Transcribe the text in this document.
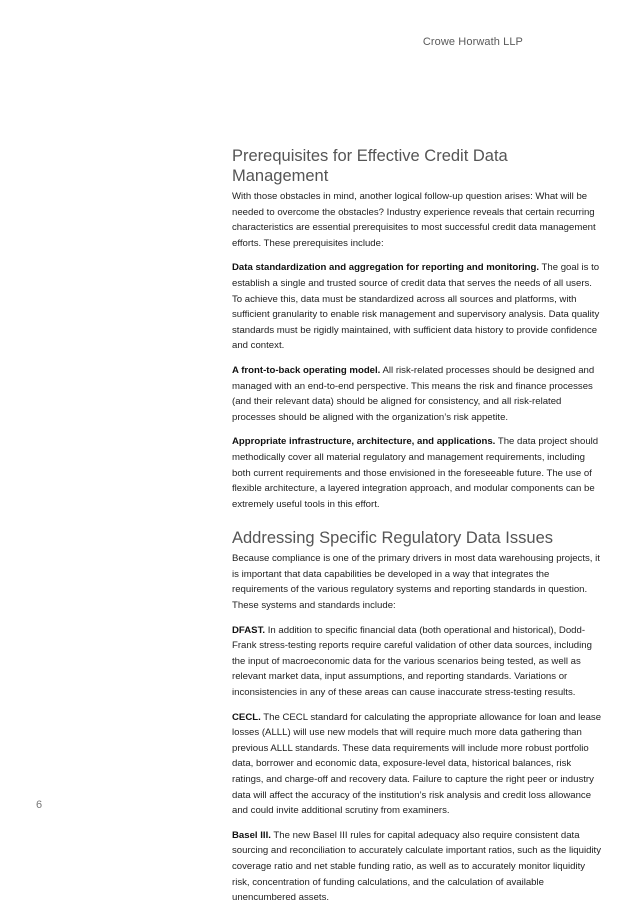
Crowe Horwath LLP
Prerequisites for Effective Credit Data Management

With those obstacles in mind, another logical follow-up question arises: What will be needed to overcome the obstacles? Industry experience reveals that certain recurring characteristics are essential prerequisites to most successful credit data management efforts. These prerequisites include:

Data standardization and aggregation for reporting and monitoring. The goal is to establish a single and trusted source of credit data that serves the needs of all users. To achieve this, data must be standardized across all sources and platforms, with sufficient granularity to enable risk management and supervisory analysis. Data quality standards must be rigidly maintained, with sufficient data history to provide confidence and context.

A front-to-back operating model. All risk-related processes should be designed and managed with an end-to-end perspective. This means the risk and finance processes (and their relevant data) should be aligned for consistency, and all risk-related processes should be aligned with the organization’s risk appetite.

Appropriate infrastructure, architecture, and applications. The data project should methodically cover all material regulatory and management requirements, including both current requirements and those envisioned in the foreseeable future. The use of flexible architecture, a layered integration approach, and modular components can be extremely useful tools in this effort.

Addressing Specific Regulatory Data Issues

Because compliance is one of the primary drivers in most data warehousing projects, it is important that data capabilities be developed in a way that integrates the requirements of the various regulatory systems and reporting standards in question. These systems and standards include:

DFAST. In addition to specific financial data (both operational and historical), Dodd-Frank stress-testing reports require careful validation of other data sources, including the input of macroeconomic data for the various scenarios being tested, as well as relevant market data, input assumptions, and reporting standards. Variations or inconsistencies in any of these areas can cause inaccurate stress-testing results.

CECL. The CECL standard for calculating the appropriate allowance for loan and lease losses (ALLL) will use new models that will require much more data gathering than previous ALLL standards. These data requirements will include more robust portfolio data, borrower and economic data, exposure-level data, historical balances, risk ratings, and charge-off and recovery data. Failure to capture the right peer or industry data will affect the accuracy of the institution’s risk analysis and credit loss allowance and could invite additional scrutiny from examiners.

Basel III. The new Basel III rules for capital adequacy also require consistent data sourcing and reconciliation to accurately calculate important ratios, such as the liquidity coverage ratio and net stable funding ratio, as well as to accurately monitor liquidity risk, concentration of funding calculations, and the calculation of available unencumbered assets.

6
